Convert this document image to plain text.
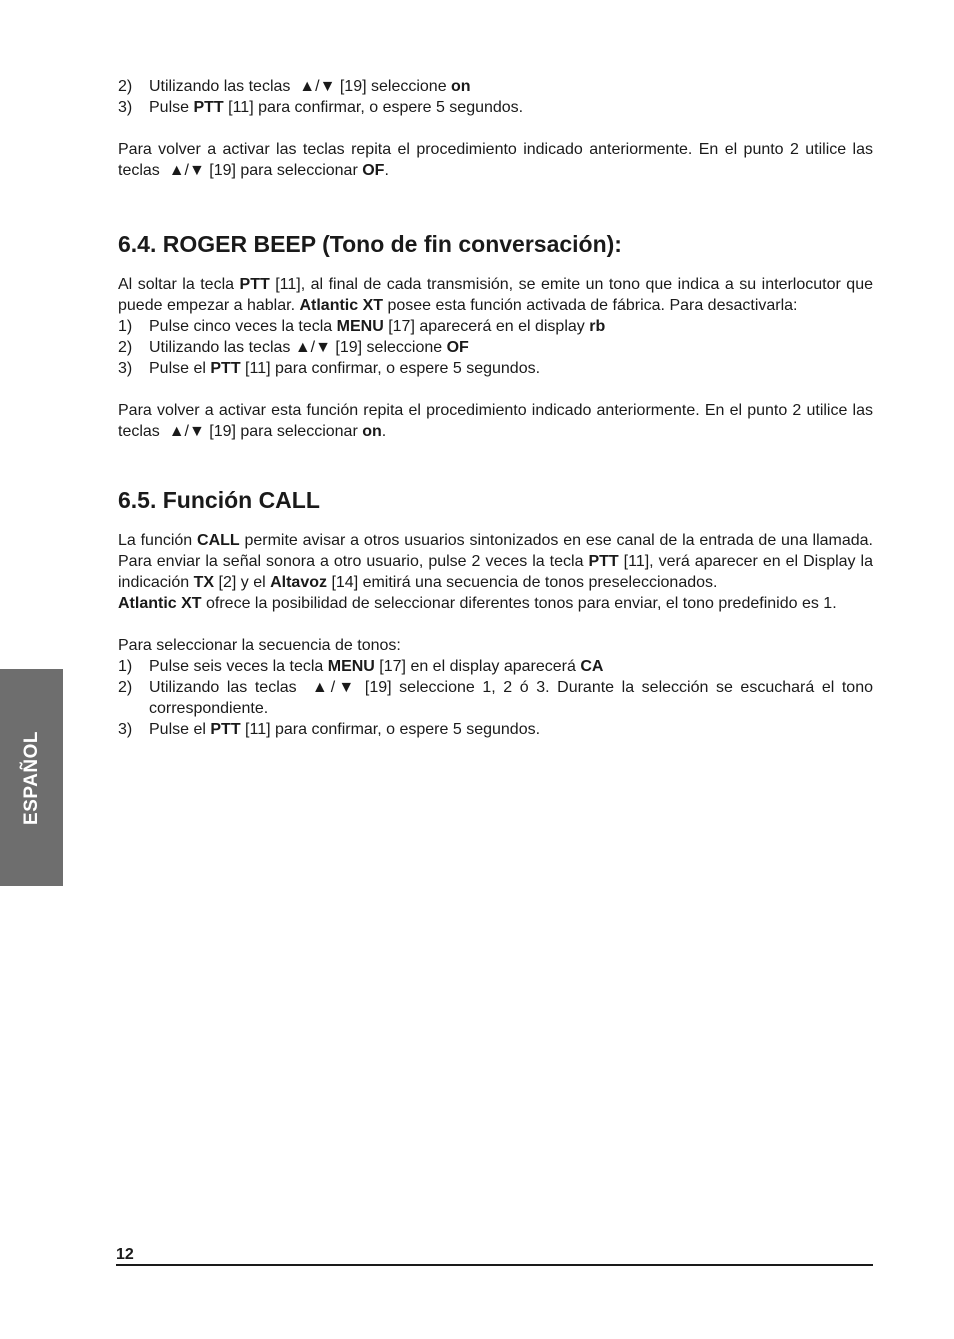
2)	Utilizando las teclas  ▲/▼ [19] seleccione on
3)	Pulse PTT [11] para confirmar, o espere 5 segundos.

Para volver a activar las teclas repita el procedimiento indicado anteriormente. En el punto 2 utilice las teclas  ▲/▼ [19] para seleccionar OF.

6.4. ROGER BEEP (Tono de fin conversación):

Al soltar la tecla PTT [11], al final de cada transmisión, se emite un tono que indica a su interlocutor que puede empezar a hablar. Atlantic XT posee esta función activada de fábrica. Para desactivarla:

1)	Pulse cinco veces la tecla MENU [17] aparecerá en el display rb
2)	Utilizando las teclas ▲/▼ [19] seleccione OF
3)	Pulse el PTT [11] para confirmar, o espere 5 segundos.

Para volver a activar esta función repita el procedimiento indicado anteriormente. En el punto 2 utilice las teclas  ▲/▼ [19] para seleccionar on.

6.5. Función CALL

La función CALL permite avisar a otros usuarios sintonizados en ese canal de la entrada de una llamada. Para enviar la señal sonora a otro usuario, pulse 2 veces la tecla PTT [11], verá aparecer en el Display la indicación TX [2] y el Altavoz [14] emitirá una secuencia de tonos preseleccionados.

Atlantic XT ofrece la posibilidad de seleccionar diferentes tonos para enviar, el tono predefinido es 1.

Para seleccionar la secuencia de tonos:

1)	Pulse seis veces la tecla MENU [17] en el display aparecerá CA
2)	Utilizando las teclas  ▲/▼ [19] seleccione 1, 2 ó 3. Durante la selección se escuchará el tono correspondiente.
3)	Pulse el PTT [11] para confirmar, o espere 5 segundos.
ESPAÑOL
12
